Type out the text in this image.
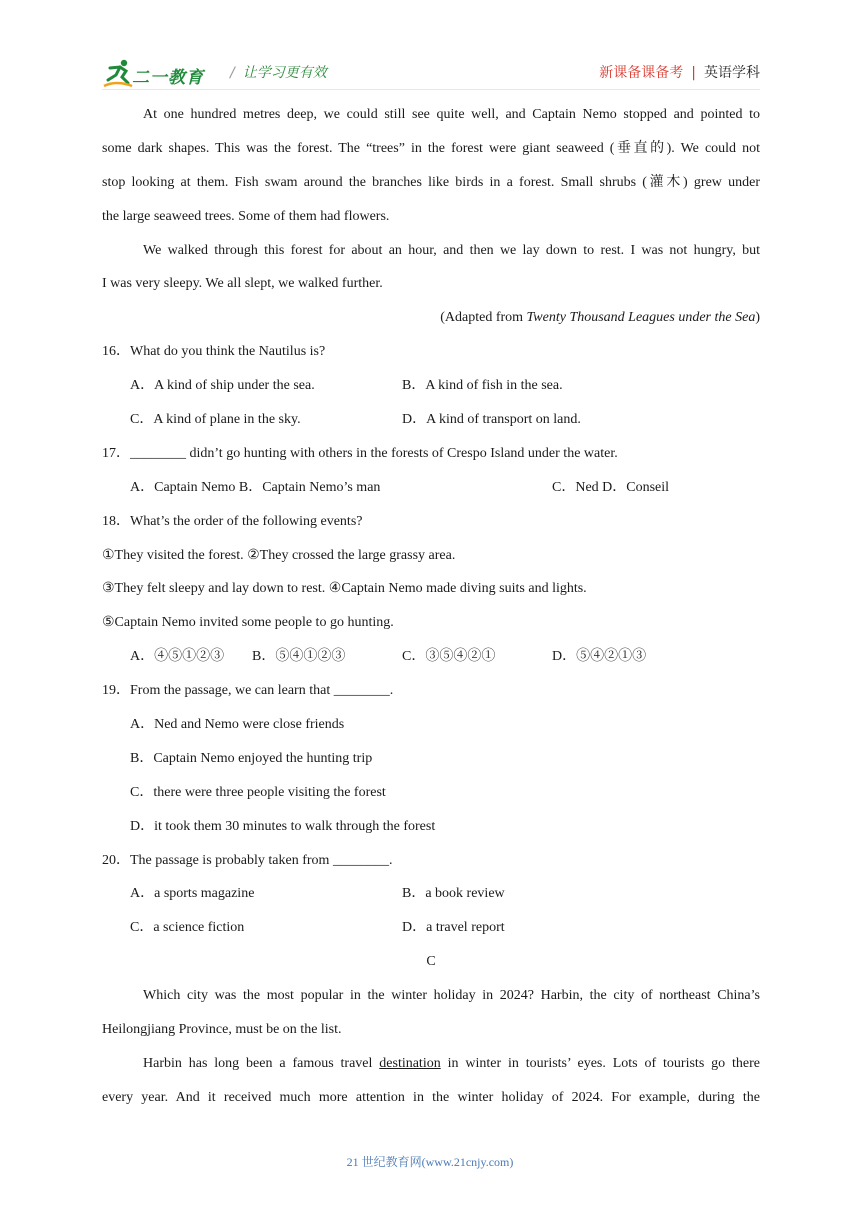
二一教育 / 让学习更有效	新课备课备考 | 英语学科
At one hundred metres deep, we could still see quite well, and Captain Nemo stopped and pointed to
some dark shapes. This was the forest. The “trees” in the forest were giant seaweed (垂直的). We could not
stop looking at them. Fish swam around the branches like birds in a forest. Small shrubs (灌木) grew under
the large seaweed trees. Some of them had flowers.
We walked through this forest for about an hour, and then we lay down to rest. I was not hungry, but
I was very sleepy. We all slept, we walked further.
(Adapted from Twenty Thousand Leagues under the Sea)
16．What do you think the Nautilus is?
A．A kind of ship under the sea.	B．A kind of fish in the sea.
C．A kind of plane in the sky.	D．A kind of transport on land.
17．________ didn’t go hunting with others in the forests of Crespo Island under the water.
A．Captain Nemo B．Captain Nemo’s man	C．Ned D．Conseil
18．What’s the order of the following events?
①They visited the forest. ②They crossed the large grassy area.
③They felt sleepy and lay down to rest. ④Captain Nemo made diving suits and lights.
⑤Captain Nemo invited some people to go hunting.
A．④⑤①②③ B．⑤④①②③	C．③⑤④②①	D．⑤④②①③
19．From the passage, we can learn that ________.
A．Ned and Nemo were close friends
B．Captain Nemo enjoyed the hunting trip
C．there were three people visiting the forest
D．it took them 30 minutes to walk through the forest
20．The passage is probably taken from ________.
A．a sports magazine	B．a book review
C．a science fiction	D．a travel report
C
Which city was the most popular in the winter holiday in 2024? Harbin, the city of northeast China’s
Heilongjiang Province, must be on the list.
Harbin has long been a famous travel destination in winter in tourists’ eyes. Lots of tourists go there
every year. And it received much more attention in the winter holiday of 2024. For example, during the
21 世纪教育网(www.21cnjy.com)
